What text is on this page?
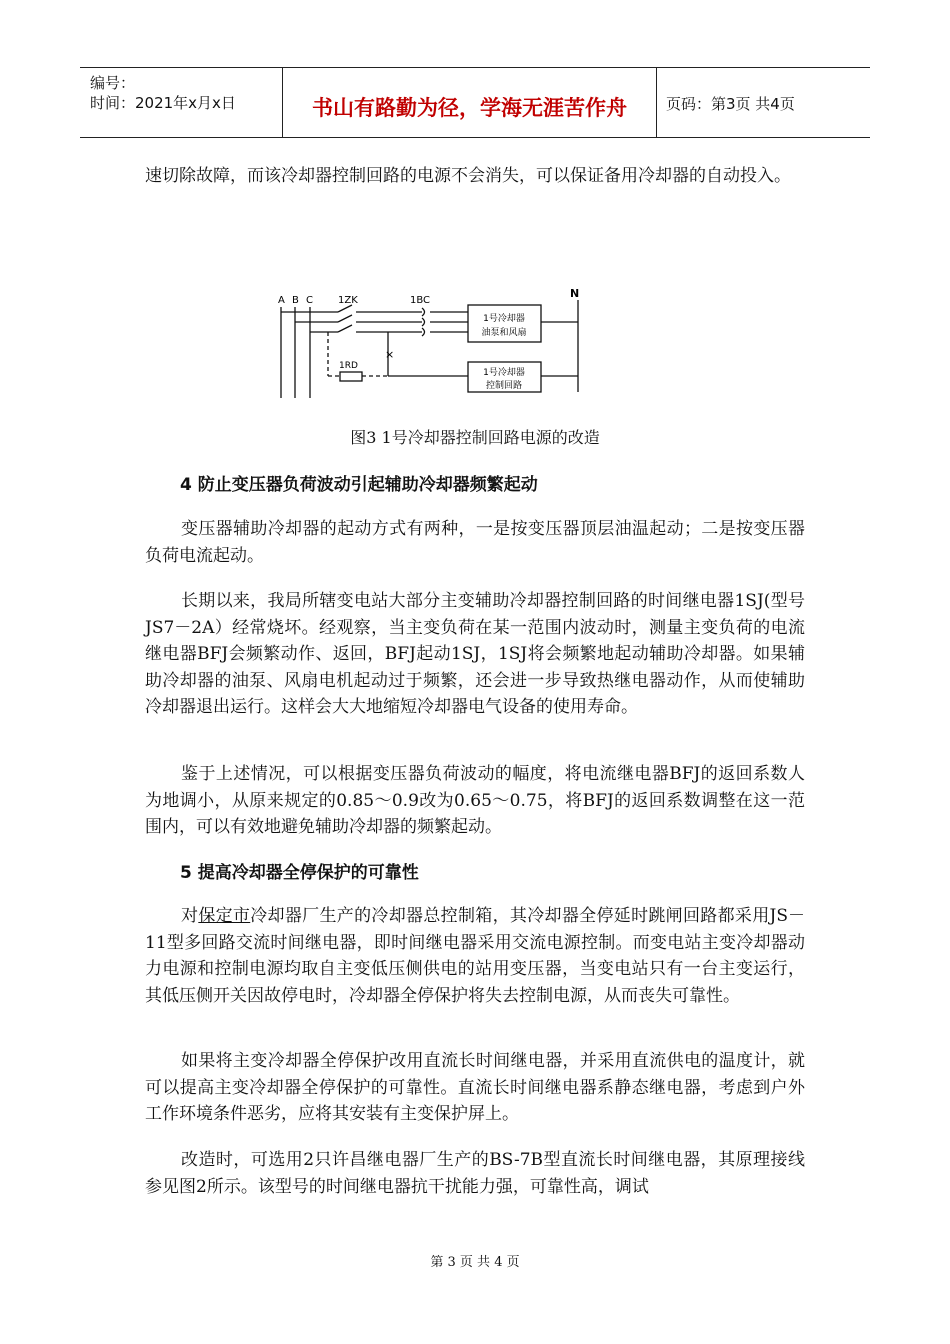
编号：
时间：2021年x月x日	书山有路勤为径，学海无涯苦作舟	页码：第3页 共4页

速切除故障，而该冷却器控制回路的电源不会消失，可以保证备用冷却器的自动投入。

×
A B C	1ZK	1BC
N
1RD
1号冷却器
油泵和风扇
1号冷却器
控制回路
图3 1号冷却器控制回路电源的改造
4 防止变压器负荷波动引起辅助冷却器频繁起动

变压器辅助冷却器的起动方式有两种，一是按变压器顶层油温起动；二是按变压器负荷电流起动。

长期以来，我局所辖变电站大部分主变辅助冷却器控制回路的时间继电器1SJ(型号JS7－2A）经常烧坏。经观察，当主变负荷在某一范围内波动时，测量主变负荷的电流继电器BFJ会频繁动作、返回，BFJ起动1SJ，1SJ将会频繁地起动辅助冷却器。如果辅助冷却器的油泵、风扇电机起动过于频繁，还会进一步导致热继电器动作，从而使辅助冷却器退出运行。这样会大大地缩短冷却器电气设备的使用寿命。

鉴于上述情况，可以根据变压器负荷波动的幅度，将电流继电器BFJ的返回系数人为地调小，从原来规定的0.85～0.9改为0.65～0.75，将BFJ的返回系数调整在这一范围内，可以有效地避免辅助冷却器的频繁起动。

5 提高冷却器全停保护的可靠性

对保定市冷却器厂生产的冷却器总控制箱，其冷却器全停延时跳闸回路都采用JS－11型多回路交流时间继电器，即时间继电器采用交流电源控制。而变电站主变冷却器动力电源和控制电源均取自主变低压侧供电的站用变压器，当变电站只有一台主变运行，其低压侧开关因故停电时，冷却器全停保护将失去控制电源，从而丧失可靠性。

如果将主变冷却器全停保护改用直流长时间继电器，并采用直流供电的温度计，就可以提高主变冷却器全停保护的可靠性。直流长时间继电器系静态继电器，考虑到户外工作环境条件恶劣，应将其安装有主变保护屏上。

改造时，可选用2只许昌继电器厂生产的BS-7B型直流长时间继电器，其原理接线参见图2所示。该型号的时间继电器抗干扰能力强，可靠性高，调试

第 3 页 共 4 页
